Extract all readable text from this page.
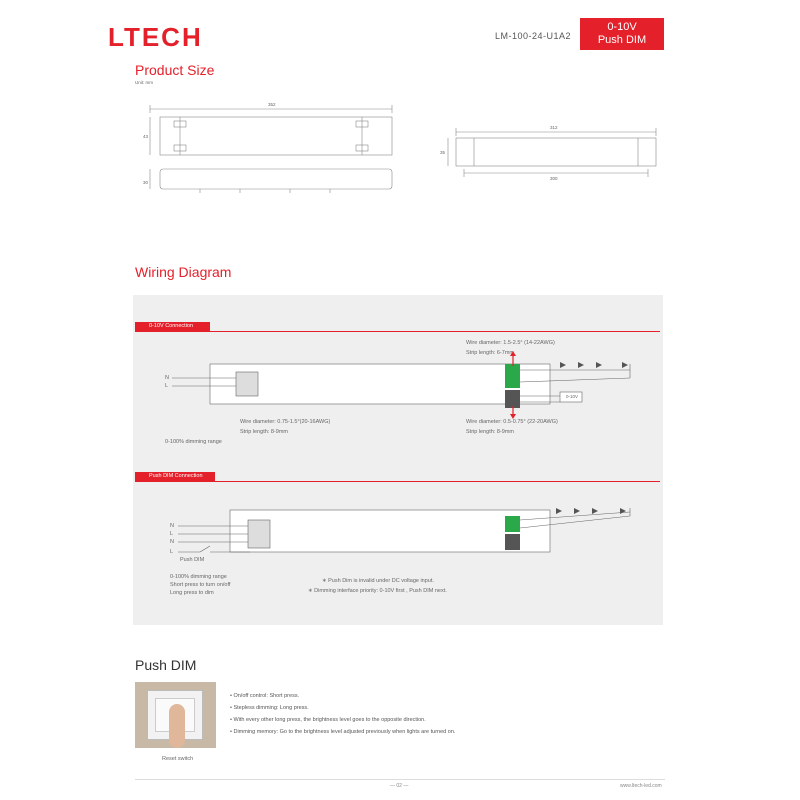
LTECH	LM-100-24-U1A2
0-10V
Push DIM
Product Size
Unit: mm
352
43
30
312
35
300
Wiring Diagram
0-10V Connection
N
L
Wire diameter: 1.5-2.5° (14-22AWG)
Strip length: 6-7mm
Wire diameter: 0.75-1.5°(20-16AWG)
Strip length: 8-9mm
Wire diameter: 0.5-0.75° (22-20AWG)
Strip length: 8-9mm
0-100% dimming range
0-10V
Push DIM Connection
N
L
N
L
Push DIM
0-100% dimming range
Short press to turn on/off
Long press to dim
∗ Push Dim is invalid under DC voltage input.
∗ Dimming interface priority: 0-10V first , Push DIM next.
Push DIM
Reset switch
• On/off control: Short press.
• Stepless dimming: Long press.
• With every other long press, the brightness level goes to the opposite direction.
• Dimming memory: Go to the brightness level adjusted previously when lights are turned on.
— 02 —	www.ltech-led.com
